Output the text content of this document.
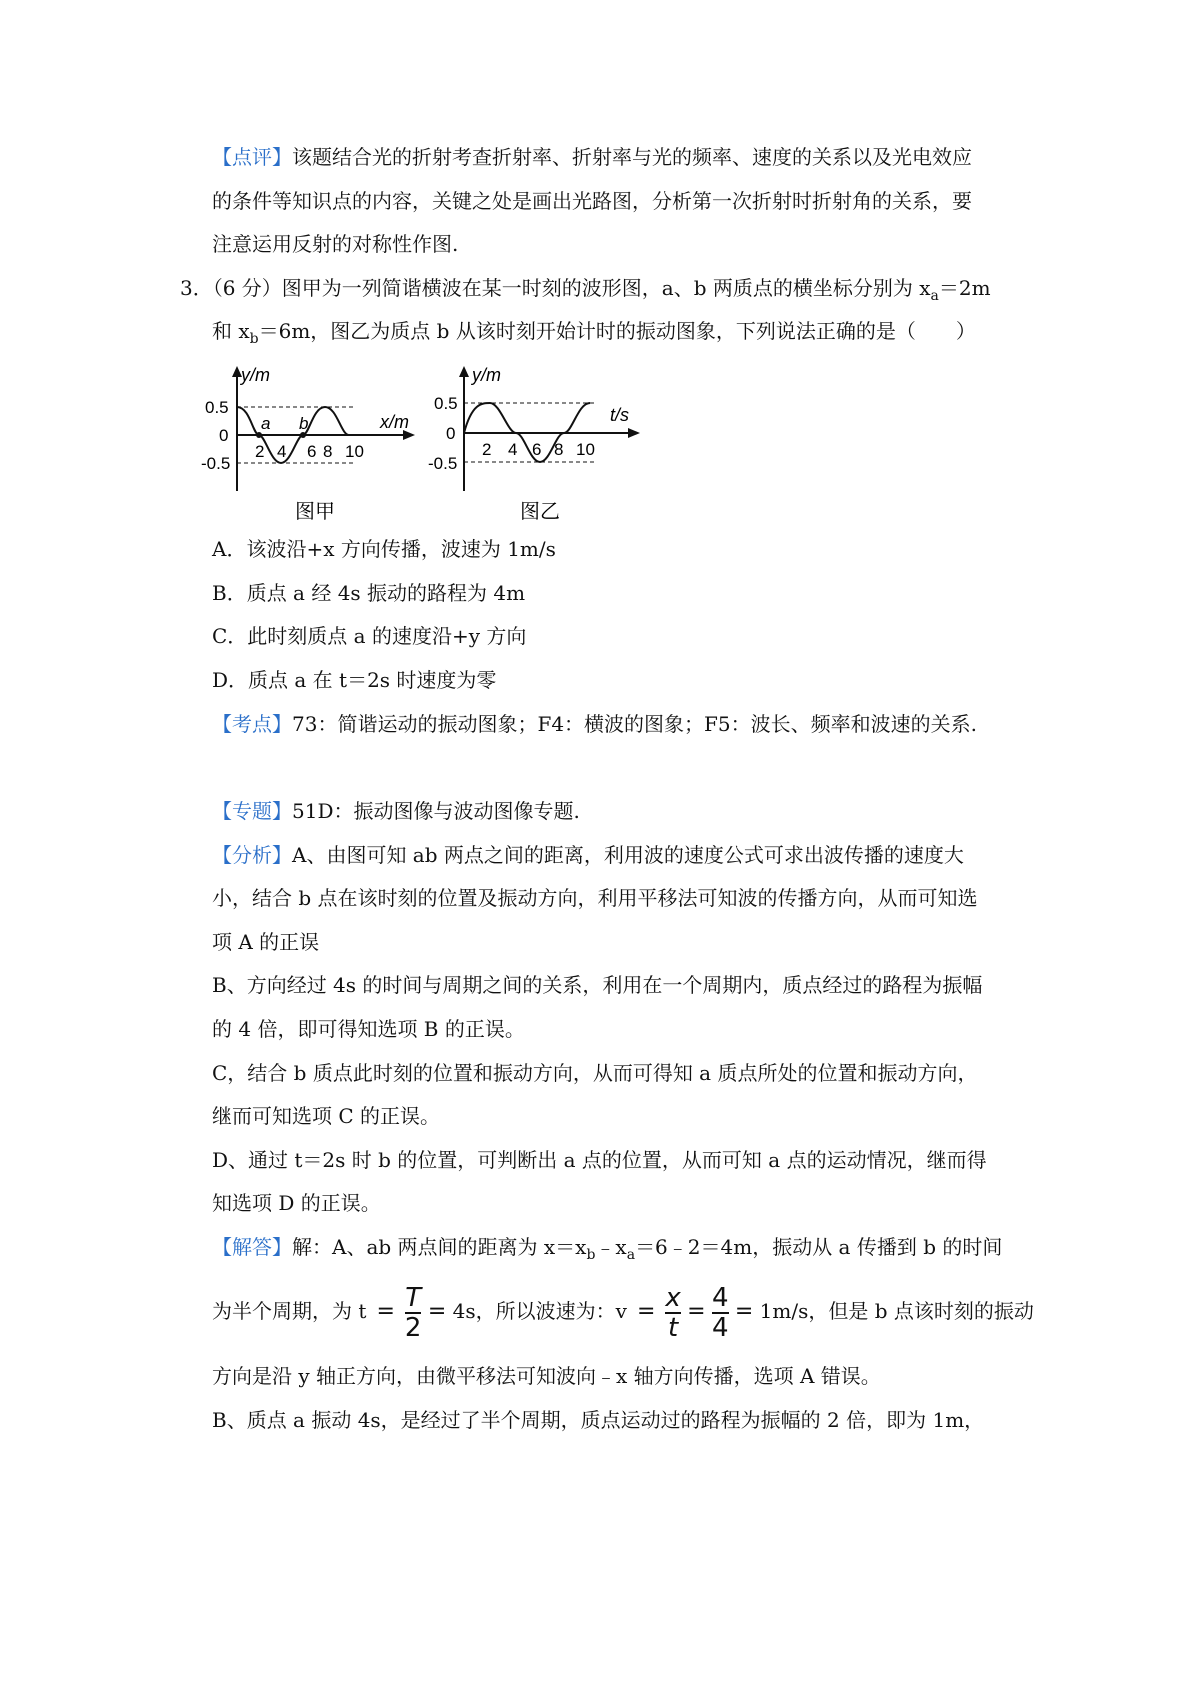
【点评】该题结合光的折射考查折射率、折射率与光的频率、速度的关系以及光电效应
的条件等知识点的内容，关键之处是画出光路图，分析第一次折射时折射角的关系，要
注意运用反射的对称性作图.
3．（6 分）图甲为一列简谐横波在某一时刻的波形图，a、b 两质点的横坐标分别为 $x_a=2m$
和 $x_b=6m$，图乙为质点 b 从该时刻开始计时的振动图象，下列说法正确的是（　　）
y/m
x/m
0.5
0
-0.5
a b
2 4 6 8 10
图甲
y/m
t/s
0.5
0
-0.5
2 4 6 8 10
图乙
A．该波沿+x 方向传播，波速为 1m/s
B．质点 a 经 4s 振动的路程为 4m
C．此时刻质点 a 的速度沿+y 方向
D．质点 a 在 t＝2s 时速度为零
【考点】73：简谐运动的振动图象；F4：横波的图象；F5：波长、频率和波速的关系.
【专题】51D：振动图像与波动图像专题.
【分析】A、由图可知 ab 两点之间的距离，利用波的速度公式可求出波传播的速度大
小，结合 b 点在该时刻的位置及振动方向，利用平移法可知波的传播方向，从而可知选
项 A 的正误
B、方向经过 4s 的时间与周期之间的关系，利用在一个周期内，质点经过的路程为振幅
的 4 倍，即可得知选项 B 的正误。
C，结合 b 质点此时刻的位置和振动方向，从而可得知 a 质点所处的位置和振动方向，
继而可知选项 C 的正误。
D、通过 t＝2s 时 b 的位置，可判断出 a 点的位置，从而可知 a 点的运动情况，继而得
知选项 D 的正误。
【解答】解：A、ab 两点间的距离为 $x=x_b﹣x_a=6﹣2=4m$，振动从 a 传播到 b 的时间
为半个周期，为 t  =  $\frac{T}{2} = 4s$，所以波速为：v  =  $\frac{x}{t} = \frac{4}{4} = 1m/s$，但是 b 点该时刻的振动
方向是沿 y 轴正方向，由微平移法可知波向﹣x 轴方向传播，选项 A 错误。
B、质点 a 振动 4s，是经过了半个周期，质点运动过的路程为振幅的 2 倍，即为 1m，
